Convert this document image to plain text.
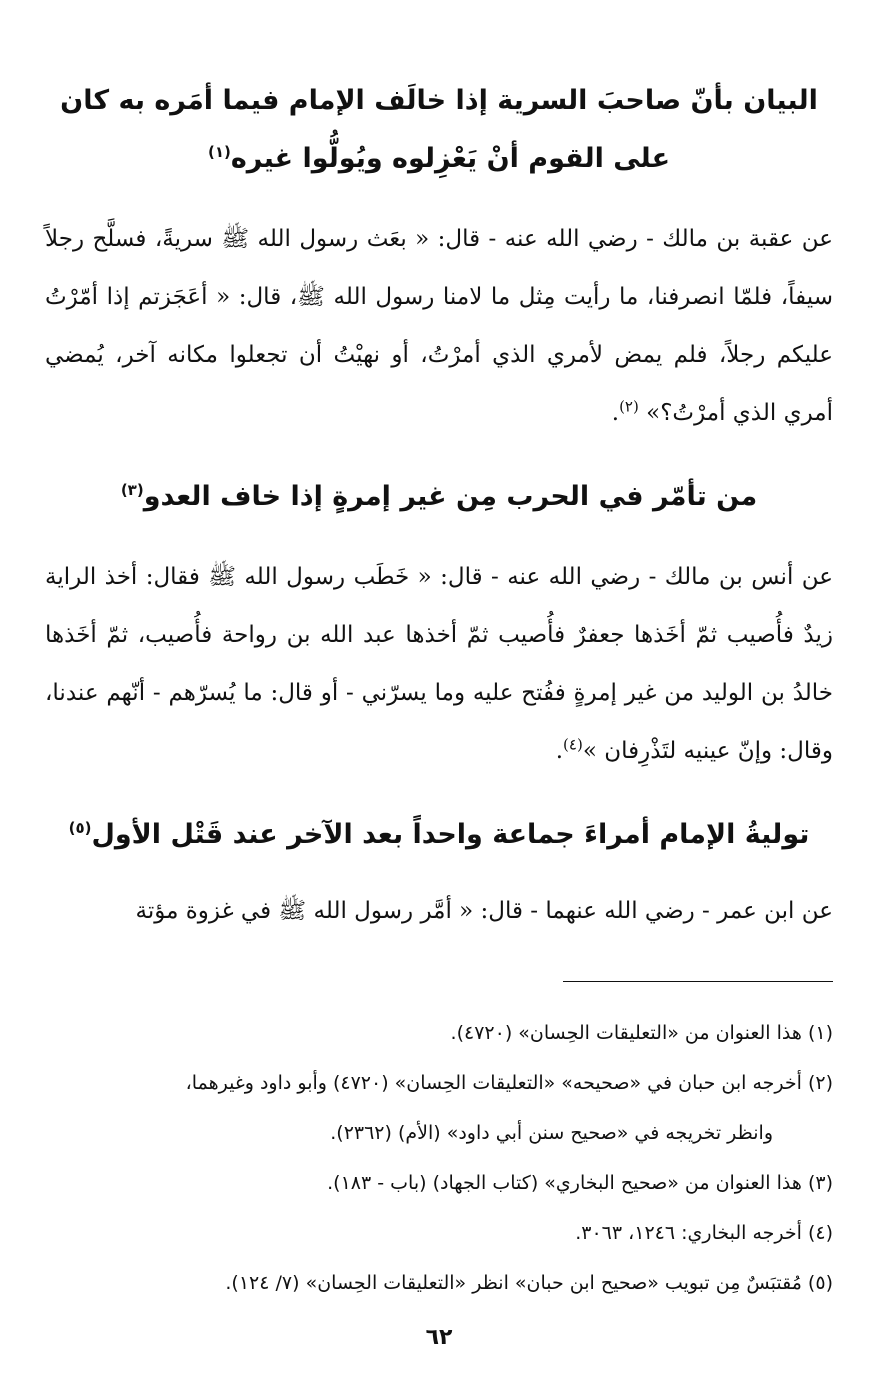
البيان بأنّ صاحبَ السرية إذا خالَف الإمام فيما أمَره به كان على القوم أنْ يَعْزِلوه ويُولُّوا غيره$^{(١)}$

عن عقبة بن مالك - رضي الله عنه - قال: « بعَث رسول الله ﷺ سريةً، فسلَّح رجلاً سيفاً، فلمّا انصرفنا، ما رأيت مِثل ما لامنا رسول الله ﷺ، قال: « أعَجَزتم إذا أمّرْتُ عليكم رجلاً، فلم يمض لأمري الذي أمرْتُ، أو نهيْتُ أن تجعلوا مكانه آخر، يُمضي أمري الذي أمرْتُ؟» $^{(٢)}$.

من تأمّر في الحرب مِن غير إمرةٍ إذا خاف العدو$^{(٣)}$

عن أنس بن مالك - رضي الله عنه - قال: « خَطَب رسول الله ﷺ فقال: أخذ الراية زيدٌ فأُصيب ثمّ أخَذها جعفرٌ فأُصيب ثمّ أخذها عبد الله بن رواحة فأُصيب، ثمّ أخَذها خالدُ بن الوليد من غير إمرةٍ ففُتح عليه وما يسرّني - أو قال: ما يُسرّهم - أنّهم عندنا، وقال: وإنّ عينيه لتَذْرِفان »$^{(٤)}$.

توليةُ الإمام أمراءَ جماعة واحداً بعد الآخر عند قَتْل الأول$^{(٥)}$

عن ابن عمر - رضي الله عنهما - قال: « أمَّر رسول الله ﷺ في غزوة مؤتة

(١) هذا العنوان من «التعليقات الحِسان» (٤٧٢٠).

(٢) أخرجه ابن حبان في «صحيحه» «التعليقات الحِسان» (٤٧٢٠) وأبو داود وغيرهما،

وانظر تخريجه في «صحيح سنن أبي داود» (الأم) (٢٣٦٢).

(٣) هذا العنوان من «صحيح البخاري» (كتاب الجهاد) (باب - ١٨٣).

(٤) أخرجه البخاري: ١٢٤٦، ٣٠٦٣.

(٥) مُقتبَسٌ مِن تبويب «صحيح ابن حبان» انظر «التعليقات الحِسان» (٧/ ١٢٤).

٦٢
